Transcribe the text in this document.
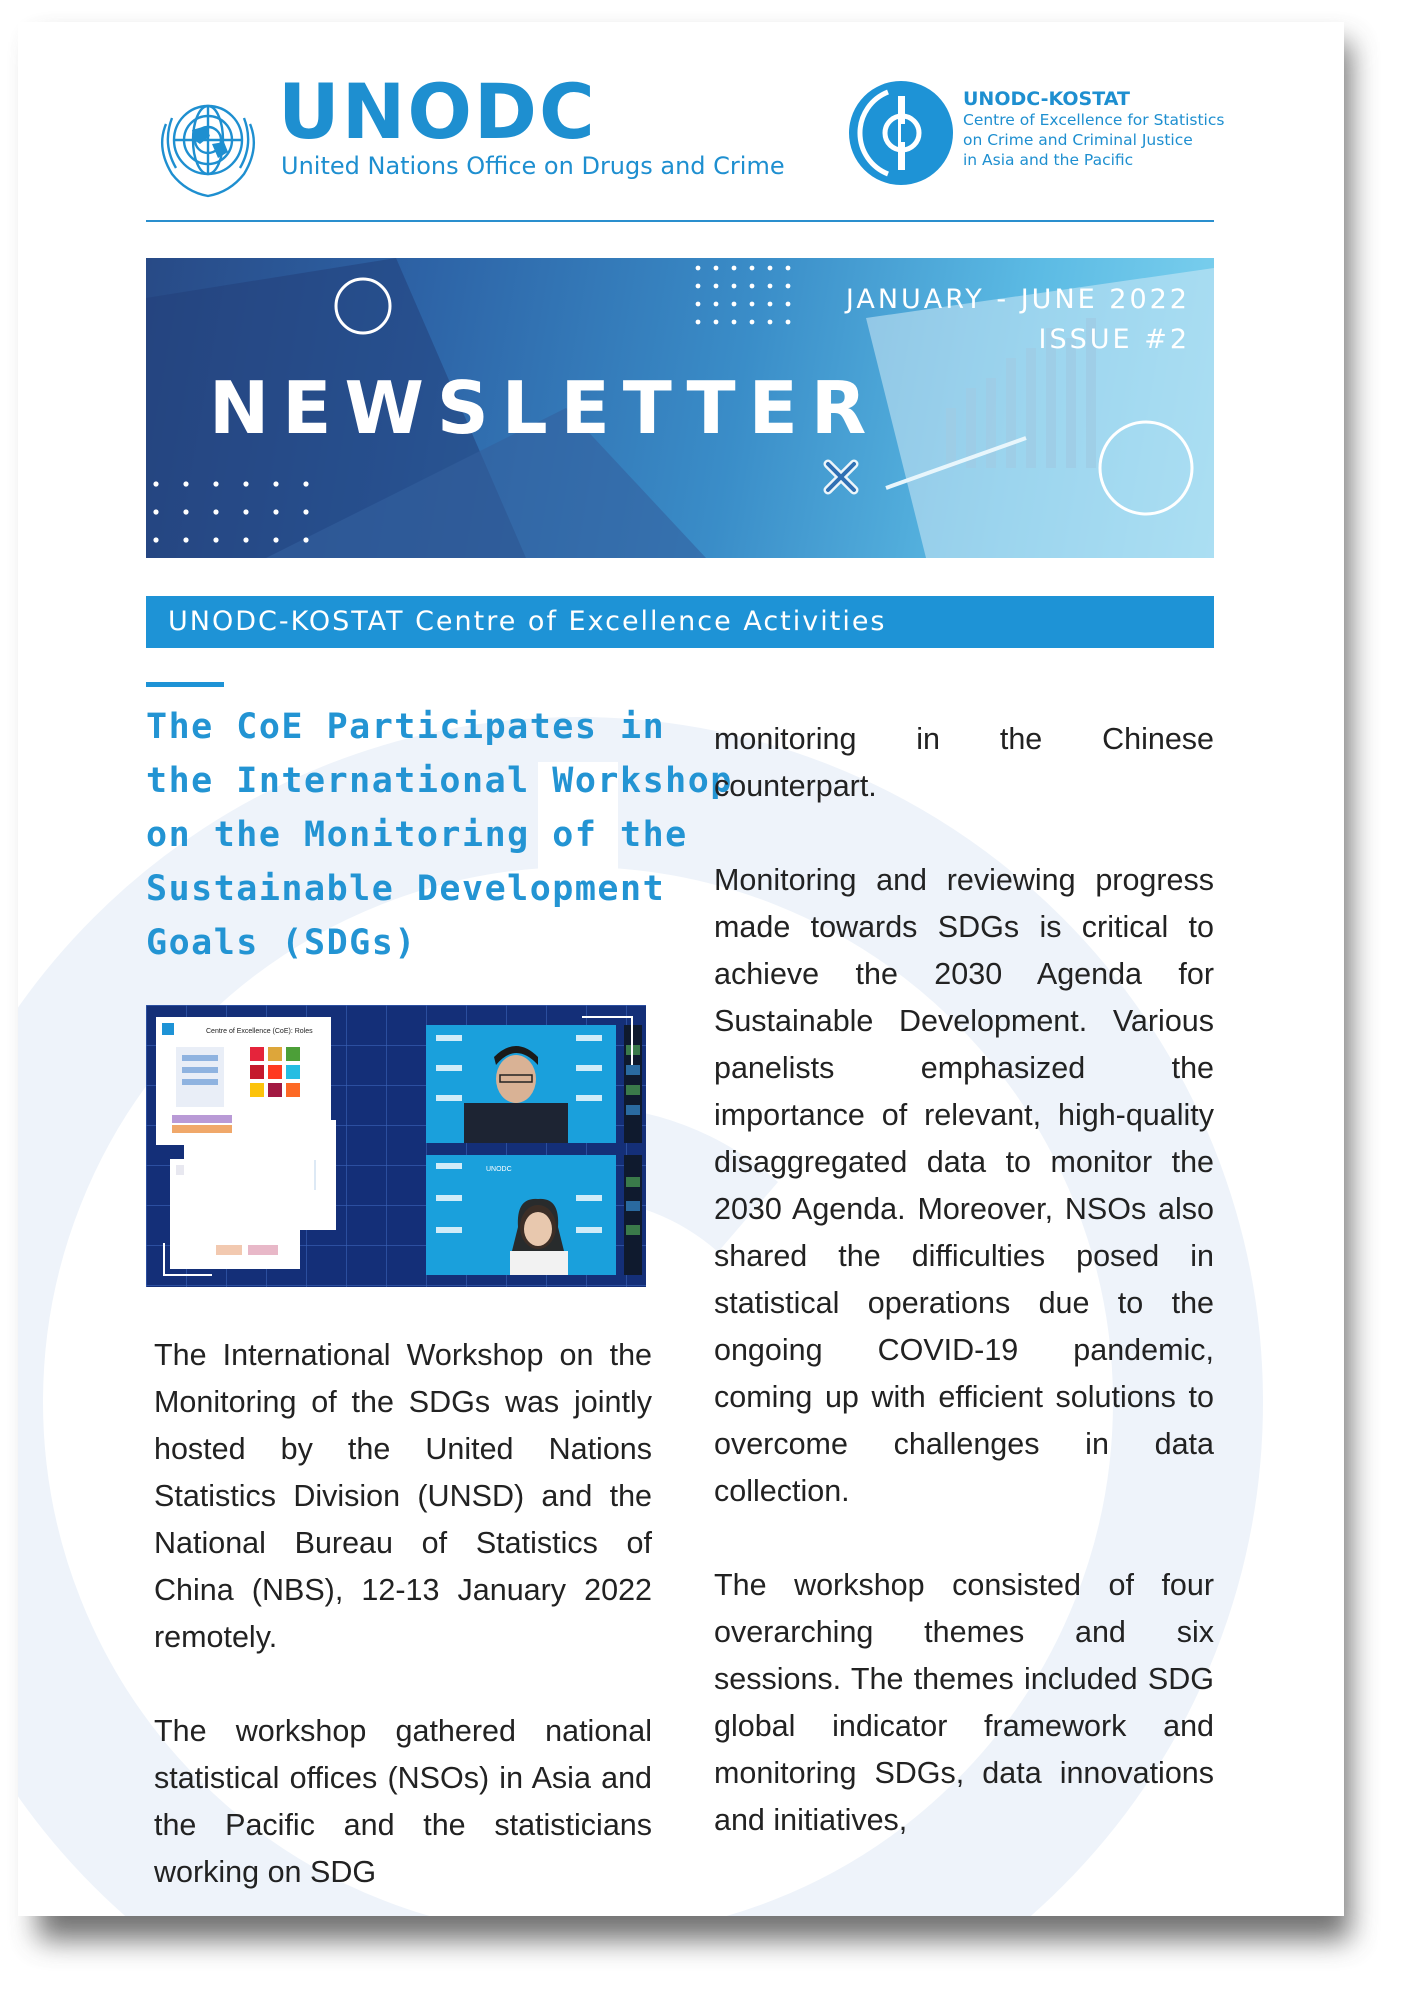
UNODC
United Nations Office on Drugs and Crime
UNODC-KOSTAT
Centre of Excellence for Statistics
on Crime and Criminal Justice
in Asia and the Pacific
NEWSLETTER
JANUARY - JUNE 2022
ISSUE #2
UNODC-KOSTAT Centre of Excellence Activities
The CoE Participates in
the International Workshop
on the Monitoring of the
Sustainable Development
Goals (SDGs)
Centre of Excellence (CoE): Roles
UNODC

The International Workshop on the Monitoring of the SDGs was jointly hosted by the United Nations Statistics Division (UNSD) and the National Bureau of Statistics of China (NBS), 12-13 January 2022 remotely.

The workshop gathered national statistical offices (NSOs) in Asia and the Pacific and the statisticians working on SDG

monitoring in the Chinese counterpart.

Monitoring and reviewing progress made towards SDGs is critical to achieve the 2030 Agenda for Sustainable Development. Various panelists emphasized the importance of relevant, high-quality disaggregated data to monitor the 2030 Agenda. Moreover, NSOs also shared the difficulties posed in statistical operations due to the ongoing COVID-19 pandemic, coming up with efficient solutions to overcome challenges in data collection.

The workshop consisted of four overarching themes and six sessions. The themes included SDG global indicator framework and monitoring SDGs, data innovations and initiatives,
